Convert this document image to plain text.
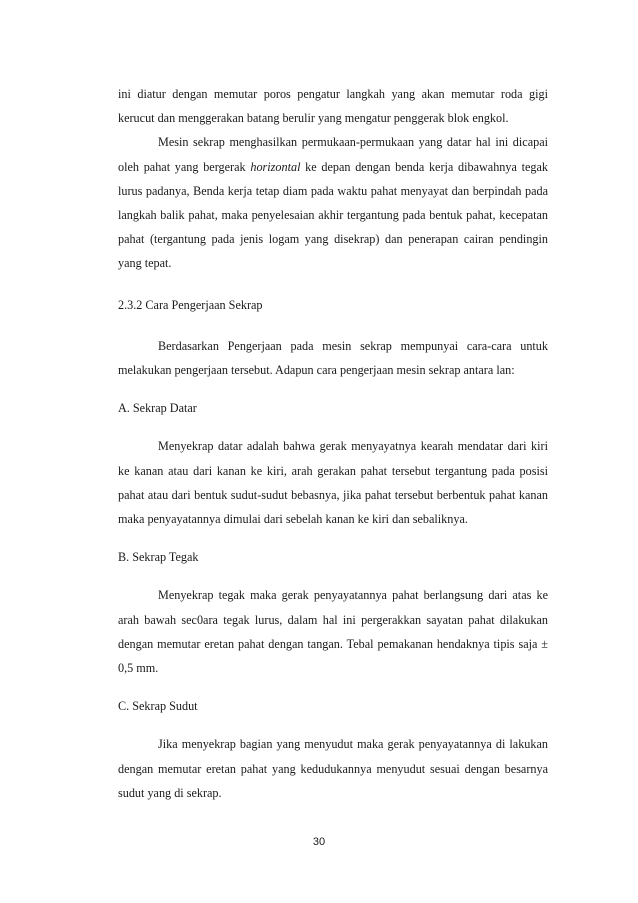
ini diatur dengan memutar poros pengatur langkah yang akan memutar roda gigi kerucut dan menggerakan batang berulir yang mengatur penggerak blok engkol.

Mesin sekrap menghasilkan permukaan-permukaan yang datar hal ini dicapai oleh pahat yang bergerak horizontal ke depan dengan benda kerja dibawahnya tegak lurus padanya, Benda kerja tetap diam pada waktu pahat menyayat dan berpindah pada langkah balik pahat, maka penyelesaian akhir tergantung pada bentuk pahat, kecepatan pahat (tergantung pada jenis logam yang disekrap) dan penerapan cairan pendingin yang tepat.

2.3.2 Cara Pengerjaan Sekrap

Berdasarkan Pengerjaan pada mesin sekrap mempunyai cara-cara untuk melakukan pengerjaan tersebut. Adapun cara pengerjaan mesin sekrap antara lan:

A. Sekrap Datar

Menyekrap datar adalah bahwa gerak menyayatnya kearah mendatar dari kiri ke kanan atau dari kanan ke kiri, arah gerakan pahat tersebut tergantung pada posisi pahat atau dari bentuk sudut-sudut bebasnya, jika pahat tersebut berbentuk pahat kanan maka penyayatannya dimulai dari sebelah kanan ke kiri dan sebaliknya.

B. Sekrap Tegak

Menyekrap tegak maka gerak penyayatannya pahat berlangsung dari atas ke arah bawah sec0ara tegak lurus, dalam hal ini pergerakkan sayatan pahat dilakukan dengan memutar eretan pahat dengan tangan. Tebal pemakanan hendaknya tipis saja ± 0,5 mm.

C. Sekrap Sudut

Jika menyekrap bagian yang menyudut maka gerak penyayatannya di lakukan dengan memutar eretan pahat yang kedudukannya menyudut sesuai dengan besarnya sudut yang di sekrap.

30
